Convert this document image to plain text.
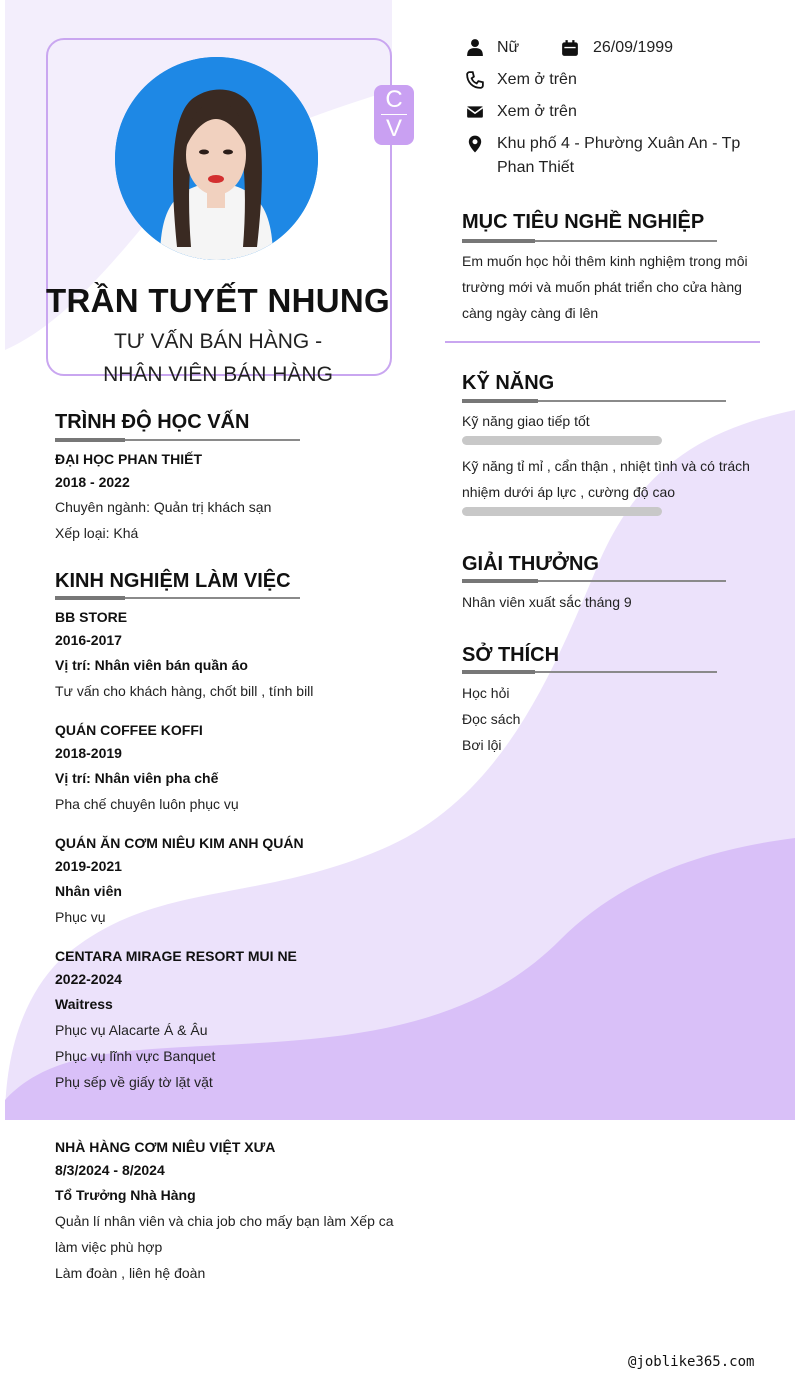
C
V
TRẦN TUYẾT NHUNG
TƯ VẤN BÁN HÀNG -
NHÂN VIÊN BÁN HÀNG
Nữ	26/09/1999
Xem ở trên
Xem ở trên
Khu phố 4 - Phường Xuân An - Tp
Phan Thiết
MỤC TIÊU NGHỀ NGHIỆP
Em muốn học hỏi thêm kinh nghiệm trong môi
trường mới và muốn phát triển cho cửa hàng
càng ngày càng đi lên
KỸ NĂNG
Kỹ năng giao tiếp tốt
Kỹ năng tỉ mỉ , cẩn thận , nhiệt tình và có trách
nhiệm dưới áp lực , cường độ cao
GIẢI THƯỞNG
Nhân viên xuất sắc tháng 9
SỞ THÍCH
Học hỏi
Đọc sách
Bơi lội
TRÌNH ĐỘ HỌC VẤN
ĐẠI HỌC PHAN THIẾT
2018 - 2022
Chuyên ngành: Quản trị khách sạn
Xếp loại: Khá
KINH NGHIỆM LÀM VIỆC
BB STORE
2016-2017
Vị trí: Nhân viên bán quần áo
Tư vấn cho khách hàng, chốt bill , tính bill
QUÁN COFFEE KOFFI
2018-2019
Vị trí: Nhân viên pha chế
Pha chế chuyên luôn phục vụ
QUÁN ĂN CƠM NIÊU KIM ANH QUÁN
2019-2021
Nhân viên
Phục vụ
CENTARA MIRAGE RESORT MUI NE
2022-2024
Waitress
Phục vụ Alacarte Á & Âu
Phục vụ lĩnh vực Banquet
Phụ sếp về giấy tờ lặt vặt
NHÀ HÀNG CƠM NIÊU VIỆT XƯA
8/3/2024 - 8/2024
Tổ Trưởng Nhà Hàng
Quản lí nhân viên và chia job cho mấy bạn làm Xếp ca
làm việc phù hợp
Làm đoàn , liên hệ đoàn
@joblike365.com
